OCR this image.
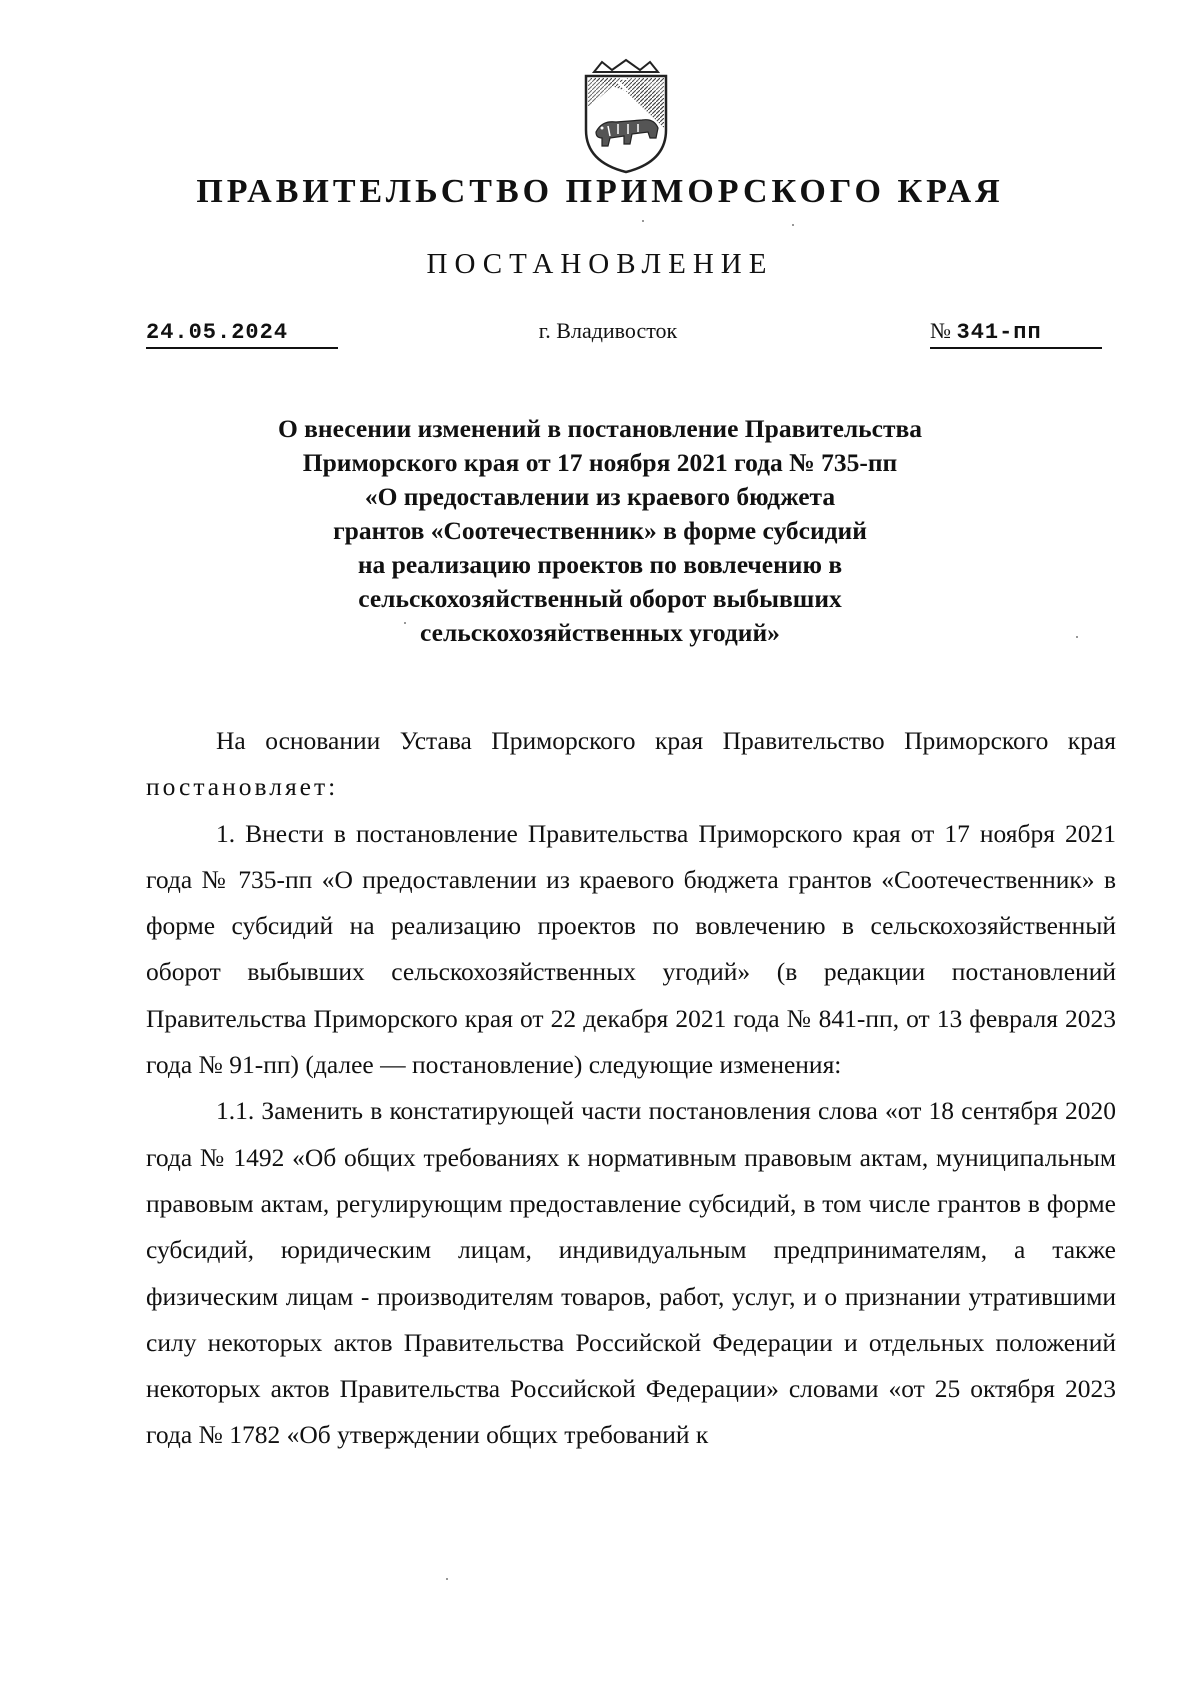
ПРАВИТЕЛЬСТВО ПРИМОРСКОГО КРАЯ
ПОСТАНОВЛЕНИЕ
24.05.2024	г. Владивосток	№ 341-пп
О внесении изменений в постановление Правительства
Приморского края от 17 ноября 2021 года № 735-пп
«О предоставлении из краевого бюджета
грантов «Соотечественник» в форме субсидий
на реализацию проектов по вовлечению в
сельскохозяйственный оборот выбывших
сельскохозяйственных угодий»

На основании Устава Приморского края Правительство Приморского края постановляет:

1. Внести в постановление Правительства Приморского края от 17 ноября 2021 года № 735-пп «О предоставлении из краевого бюджета грантов «Соотечественник» в форме субсидий на реализацию проектов по вовлечению в сельскохозяйственный оборот выбывших сельскохозяйственных угодий» (в редакции постановлений Правительства Приморского края от 22 декабря 2021 года № 841-пп, от 13 февраля 2023 года № 91-пп) (далее — постановление) следующие изменения:

1.1. Заменить в констатирующей части постановления слова «от 18 сентября 2020 года № 1492 «Об общих требованиях к нормативным правовым актам, муниципальным правовым актам, регулирующим предоставление субсидий, в том числе грантов в форме субсидий, юридическим лицам, индивидуальным предпринимателям, а также физическим лицам - производителям товаров, работ, услуг, и о признании утратившими силу некоторых актов Правительства Российской Федерации и отдельных положений некоторых актов Правительства Российской Федерации» словами «от 25 октября 2023 года № 1782 «Об утверждении общих требований к
